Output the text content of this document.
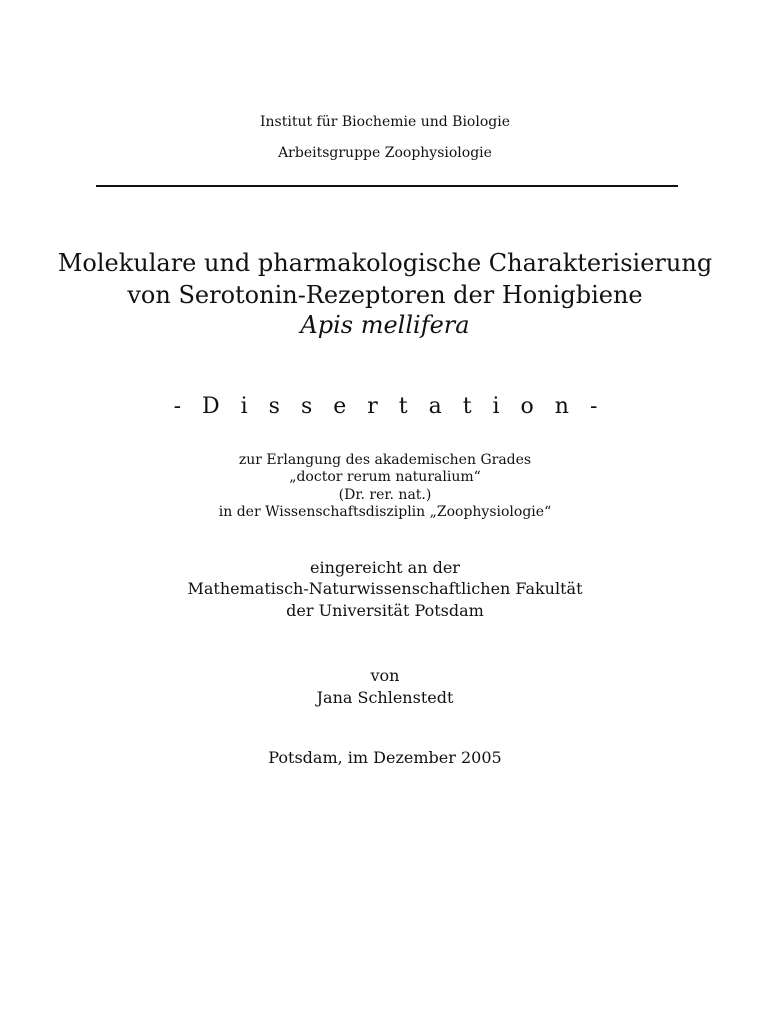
Institut für Biochemie und Biologie
Arbeitsgruppe Zoophysiologie
Molekulare und pharmakologische Charakterisierung
von Serotonin-Rezeptoren der Honigbiene
Apis mellifera
- D i s s e r t a t i o n -
zur Erlangung des akademischen Grades
„doctor rerum naturalium“
(Dr. rer. nat.)
in der Wissenschaftsdisziplin „Zoophysiologie“
eingereicht an der
Mathematisch-Naturwissenschaftlichen Fakultät
der Universität Potsdam
von
Jana Schlenstedt
Potsdam, im Dezember 2005
